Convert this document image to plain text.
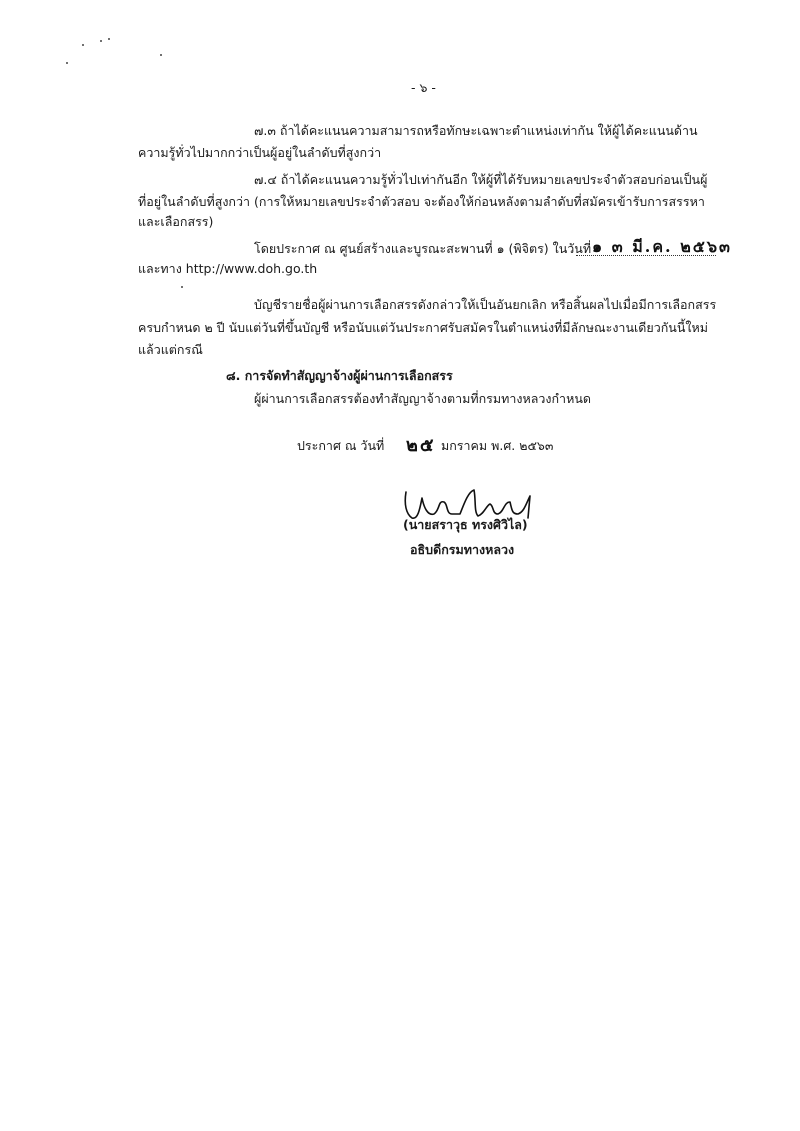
- ๖ -
๗.๓ ถ้าได้คะแนนความสามารถหรือทักษะเฉพาะตำแหน่งเท่ากัน ให้ผู้ได้คะแนนด้าน
ความรู้ทั่วไปมากกว่าเป็นผู้อยู่ในลำดับที่สูงกว่า
๗.๔ ถ้าได้คะแนนความรู้ทั่วไปเท่ากันอีก ให้ผู้ที่ได้รับหมายเลขประจำตัวสอบก่อนเป็นผู้
ที่อยู่ในลำดับที่สูงกว่า (การให้หมายเลขประจำตัวสอบ จะต้องให้ก่อนหลังตามลำดับที่สมัครเข้ารับการสรรหา
และเลือกสรร)
โดยประกาศ ณ ศูนย์สร้างและบูรณะสะพานที่ ๑ (พิจิตร) ในวันที่ ๑ ๓ มี.ค. ๒๕๖๓
และทาง http://www.doh.go.th
บัญชีรายชื่อผู้ผ่านการเลือกสรรดังกล่าวให้เป็นอันยกเลิก หรือสิ้นผลไปเมื่อมีการเลือกสรร
ครบกำหนด ๒ ปี นับแต่วันที่ขึ้นบัญชี หรือนับแต่วันประกาศรับสมัครในตำแหน่งที่มีลักษณะงานเดียวกันนี้ใหม่
แล้วแต่กรณี
๘. การจัดทำสัญญาจ้างผู้ผ่านการเลือกสรร
ผู้ผ่านการเลือกสรรต้องทำสัญญาจ้างตามที่กรมทางหลวงกำหนด
ประกาศ ณ วันที่ ๒๕ มกราคม พ.ศ. ๒๕๖๓
(นายสราวุธ ทรงศิวิไล)
อธิบดีกรมทางหลวง
